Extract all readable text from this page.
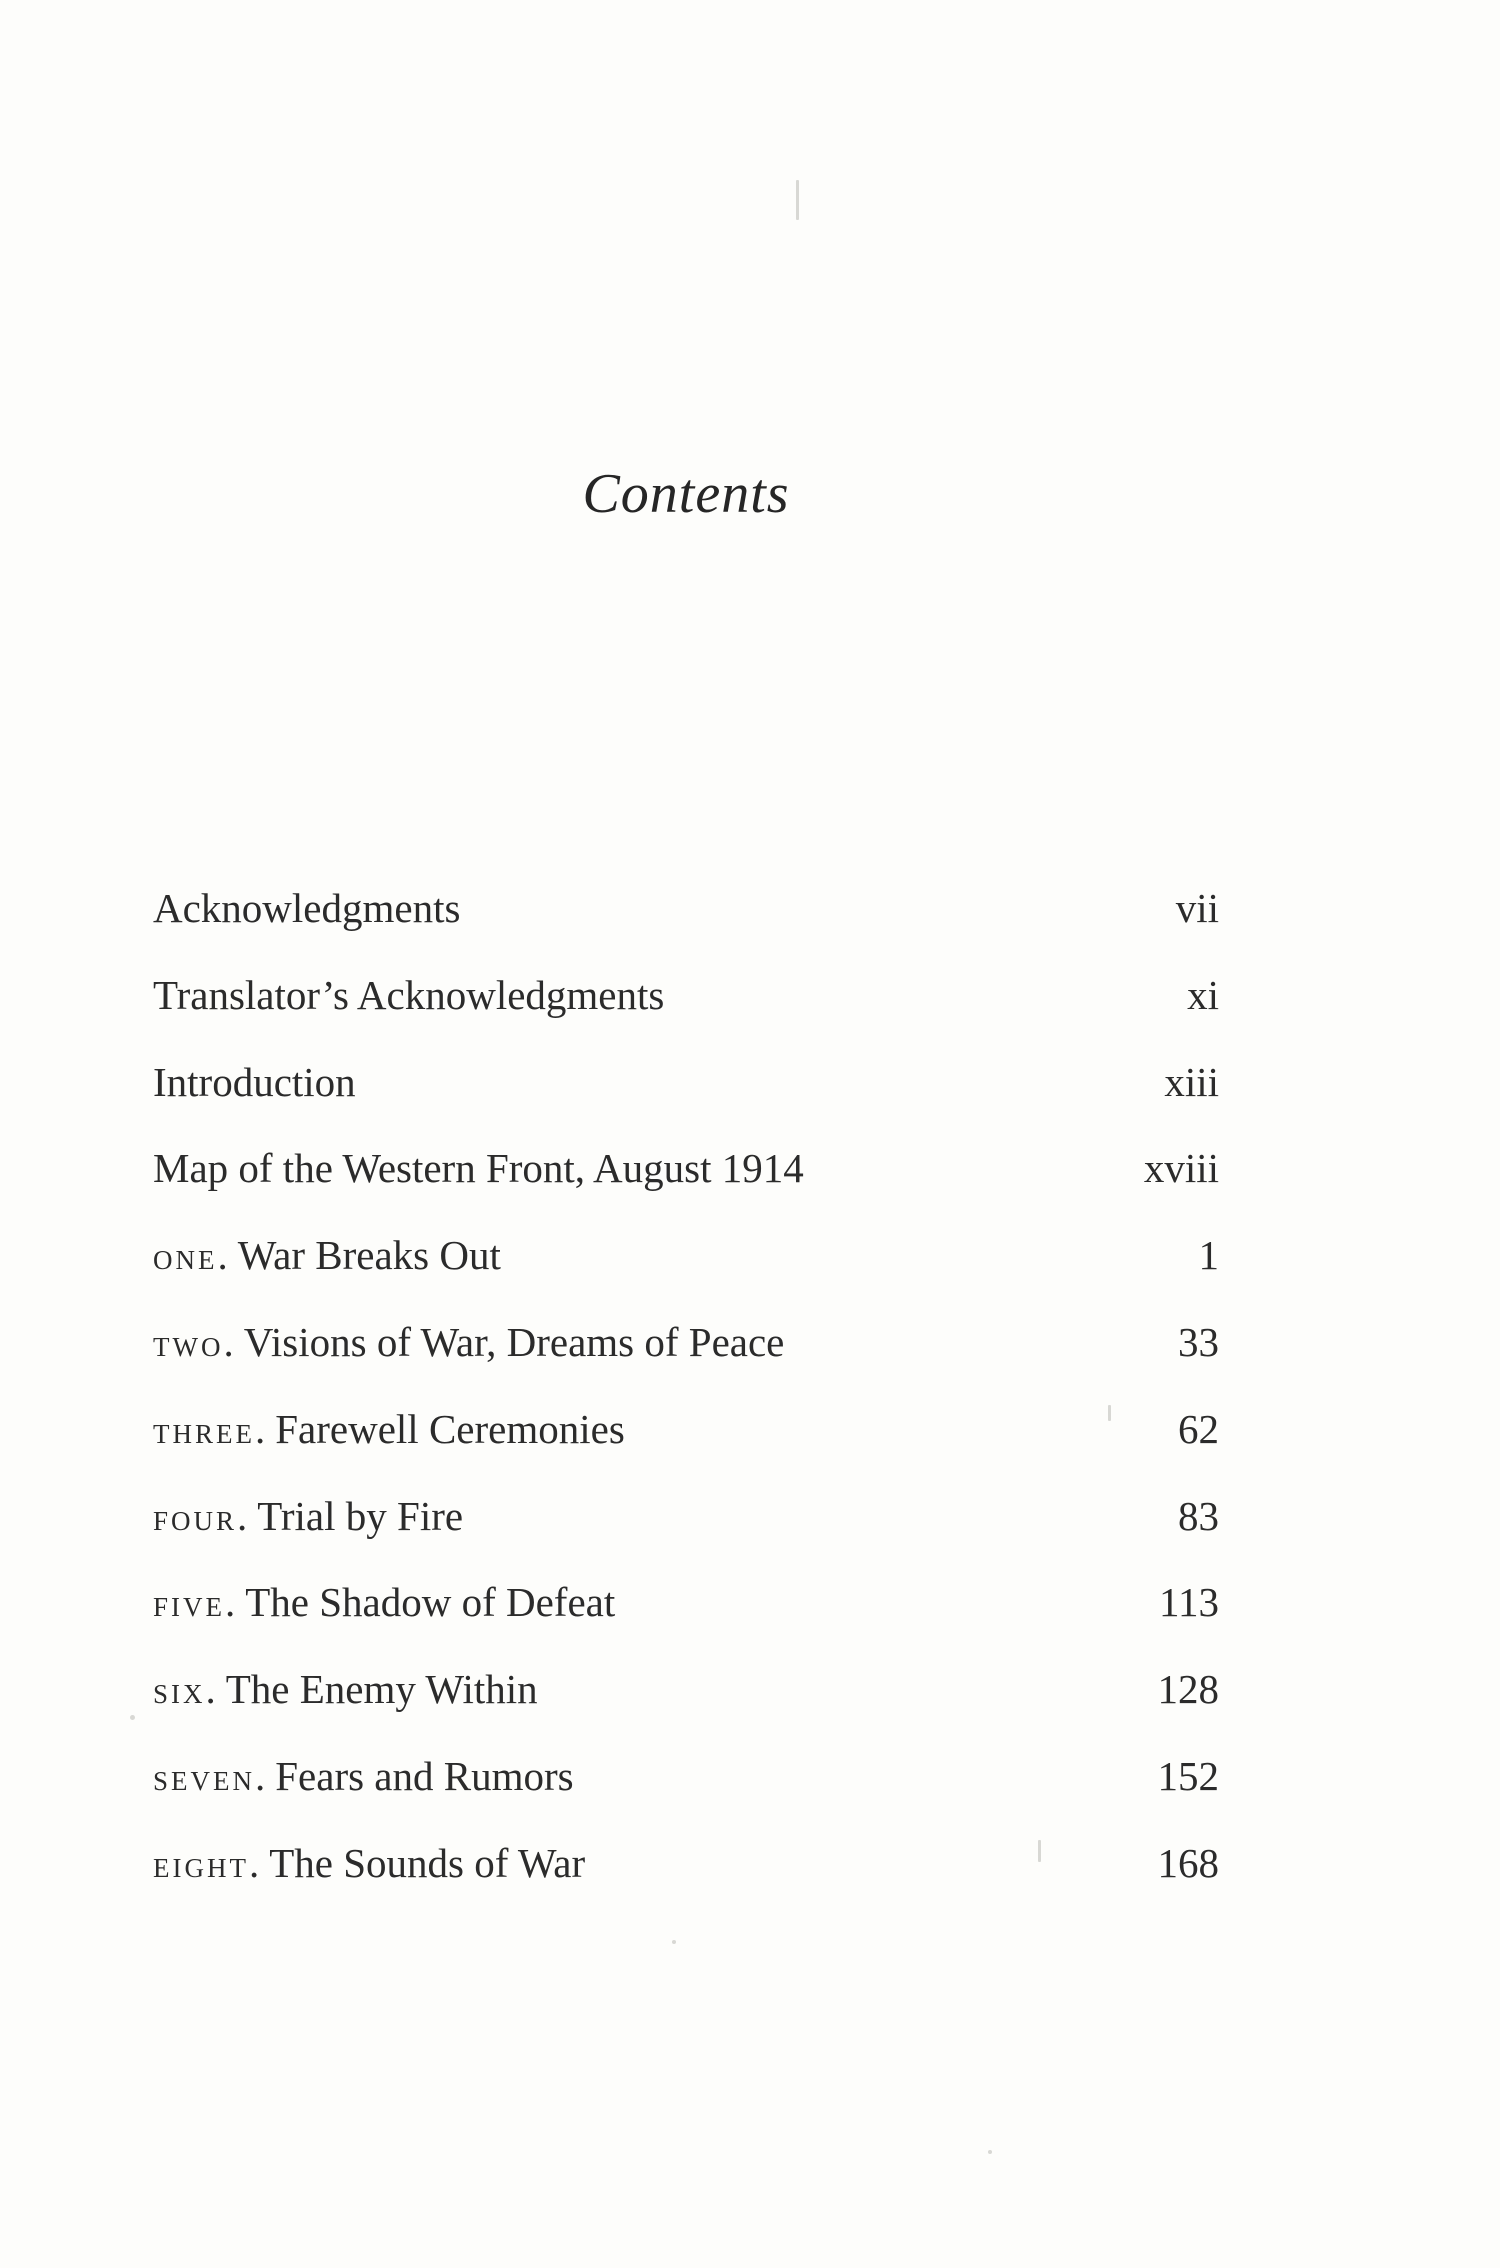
Contents
Acknowledgments	vii
Translator’s Acknowledgments	xi
Introduction	xiii
Map of the Western Front, August 1914	xviii
ONE. War Breaks Out	1
TWO. Visions of War, Dreams of Peace	33
THREE. Farewell Ceremonies	62
FOUR. Trial by Fire	83
FIVE. The Shadow of Defeat	113
SIX. The Enemy Within	128
SEVEN. Fears and Rumors	152
EIGHT. The Sounds of War	168
